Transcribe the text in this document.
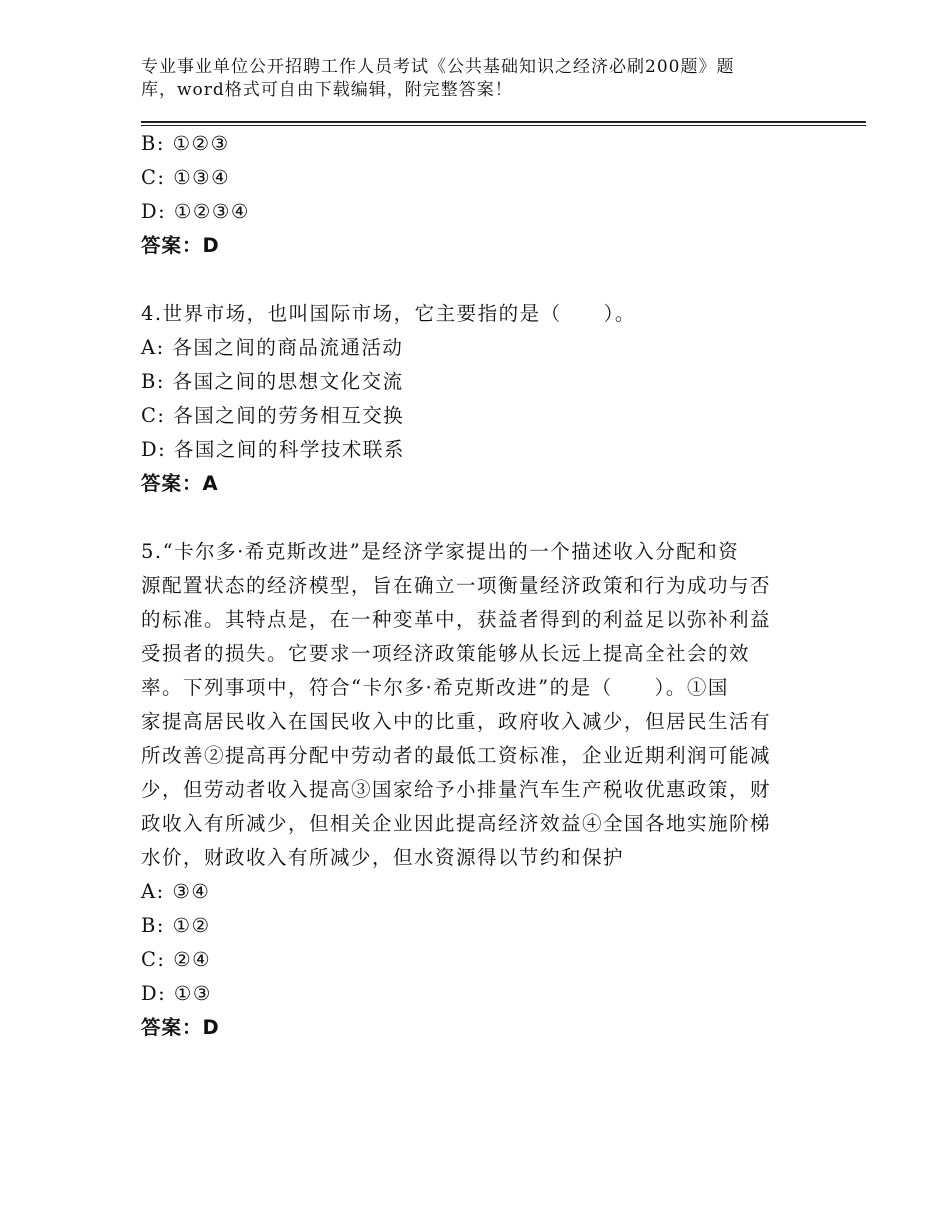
专业事业单位公开招聘工作人员考试《公共基础知识之经济必刷200题》题
库，word格式可自由下载编辑，附完整答案！
B: ①②③
C: ①③④
D: ①②③④
答案：D
4.世界市场，也叫国际市场，它主要指的是（　　）。
A: 各国之间的商品流通活动
B: 各国之间的思想文化交流
C: 各国之间的劳务相互交换
D: 各国之间的科学技术联系
答案：A
5.“卡尔多·希克斯改进”是经济学家提出的一个描述收入分配和资
源配置状态的经济模型，旨在确立一项衡量经济政策和行为成功与否
的标准。其特点是，在一种变革中，获益者得到的利益足以弥补利益
受损者的损失。它要求一项经济政策能够从长远上提高全社会的效
率。下列事项中，符合“卡尔多·希克斯改进”的是（　　）。①国
家提高居民收入在国民收入中的比重，政府收入减少，但居民生活有
所改善②提高再分配中劳动者的最低工资标准，企业近期利润可能减
少，但劳动者收入提高③国家给予小排量汽车生产税收优惠政策，财
政收入有所减少，但相关企业因此提高经济效益④全国各地实施阶梯
水价，财政收入有所减少，但水资源得以节约和保护
A: ③④
B: ①②
C: ②④
D: ①③
答案：D
